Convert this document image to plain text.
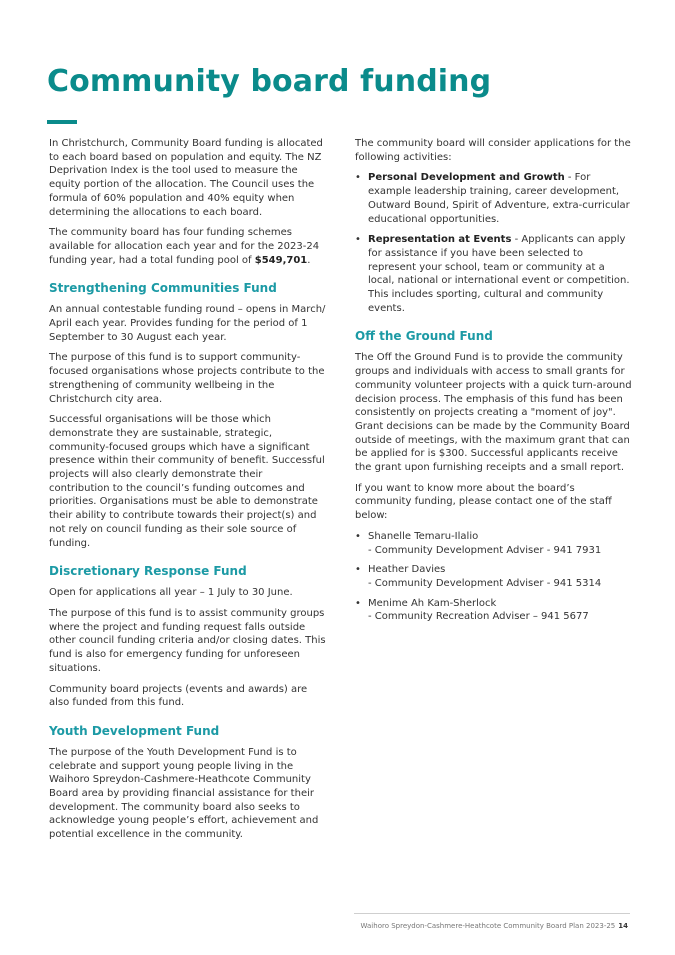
Community board funding

In Christchurch, Community Board funding is allocated to each board based on population and equity. The NZ Deprivation Index is the tool used to measure the equity portion of the allocation. The Council uses the formula of 60% population and 40% equity when determining the allocations to each board.

The community board has four funding schemes available for allocation each year and for the 2023-24 funding year, had a total funding pool of $549,701.

Strengthening Communities Fund

An annual contestable funding round – opens in March/ April each year. Provides funding for the period of 1 September to 30 August each year.

The purpose of this fund is to support community-focused organisations whose projects contribute to the strengthening of community wellbeing in the Christchurch city area.

Successful organisations will be those which demonstrate they are sustainable, strategic, community-focused groups which have a significant presence within their community of benefit. Successful projects will also clearly demonstrate their contribution to the council’s funding outcomes and priorities. Organisations must be able to demonstrate their ability to contribute towards their project(s) and not rely on council funding as their sole source of funding.

Discretionary Response Fund

Open for applications all year – 1 July to 30 June.

The purpose of this fund is to assist community groups where the project and funding request falls outside other council funding criteria and/or closing dates. This fund is also for emergency funding for unforeseen situations.

Community board projects (events and awards) are also funded from this fund.

Youth Development Fund

The purpose of the Youth Development Fund is to celebrate and support young people living in the Waihoro Spreydon-Cashmere-Heathcote Community Board area by providing financial assistance for their development. The community board also seeks to acknowledge young people’s effort, achievement and potential excellence in the community.

The community board will consider applications for the following activities:

• Personal Development and Growth - For example leadership training, career development, Outward Bound, Spirit of Adventure, extra-curricular educational opportunities.
• Representation at Events - Applicants can apply for assistance if you have been selected to represent your school, team or community at a local, national or international event or competition. This includes sporting, cultural and community events.
Off the Ground Fund

The Off the Ground Fund is to provide the community groups and individuals with access to small grants for community volunteer projects with a quick turn-around decision process. The emphasis of this fund has been consistently on projects creating a "moment of joy". Grant decisions can be made by the Community Board outside of meetings, with the maximum grant that can be applied for is $300. Successful applicants receive the grant upon furnishing receipts and a small report.

If you want to know more about the board’s community funding, please contact one of the staff below:

• Shanelle Temaru-Ilalio
- Community Development Adviser - 941 7931
• Heather Davies
- Community Development Adviser - 941 5314
• Menime Ah Kam-Sherlock
- Community Recreation Adviser – 941 5677
Waihoro Spreydon-Cashmere-Heathcote Community Board Plan 2023-25 14
